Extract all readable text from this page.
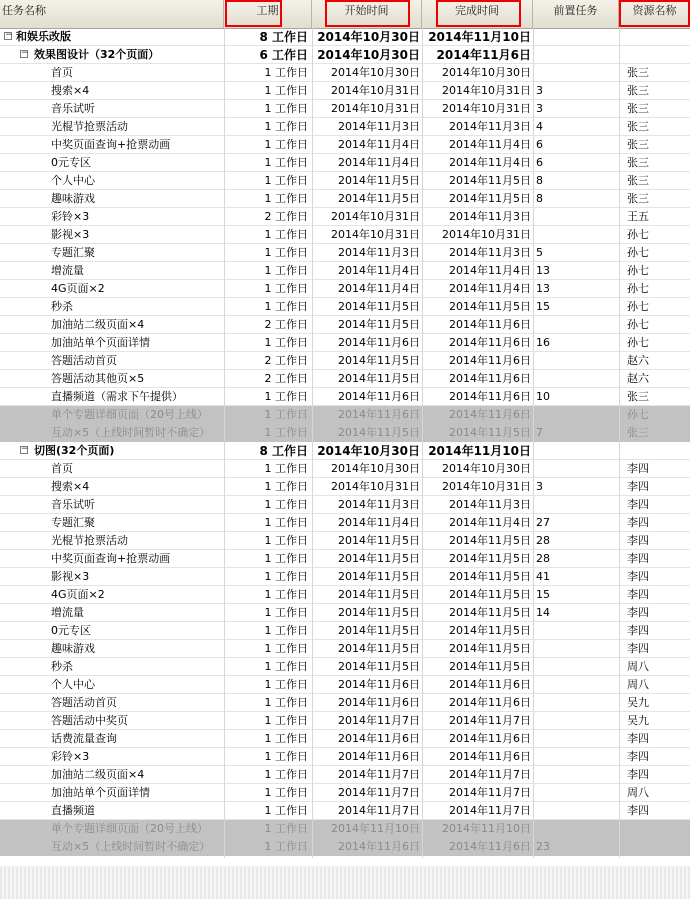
任务名称	工期	开始时间	完成时间	前置任务	资源名称
− 和娱乐改版	8 工作日 2014年10月30日 2014年11月10日
− 效果图设计（32个页面）	6 工作日 2014年10月30日	2014年11月6日
首页	1 工作日	2014年10月30日	2014年10月30日	张三
搜索×4	1 工作日	2014年10月31日	2014年10月31日 3	张三
音乐试听	1 工作日	2014年10月31日	2014年10月31日 3	张三
光棍节抢票活动	1 工作日	2014年11月3日	2014年11月3日 4	张三
中奖页面查询+抢票动画	1 工作日	2014年11月4日	2014年11月4日 6	张三
0元专区	1 工作日	2014年11月4日	2014年11月4日 6	张三
个人中心	1 工作日	2014年11月5日	2014年11月5日 8	张三
趣味游戏	1 工作日	2014年11月5日	2014年11月5日 8	张三
彩铃×3	2 工作日	2014年10月31日	2014年11月3日	王五
影视×3	1 工作日	2014年10月31日	2014年10月31日	孙七
专题汇聚	1 工作日	2014年11月3日	2014年11月3日 5	孙七
增流量	1 工作日	2014年11月4日	2014年11月4日 13	孙七
4G页面×2	1 工作日	2014年11月4日	2014年11月4日 13	孙七
秒杀	1 工作日	2014年11月5日	2014年11月5日 15	孙七
加油站二级页面×4	2 工作日	2014年11月5日	2014年11月6日	孙七
加油站单个页面详情	1 工作日	2014年11月6日	2014年11月6日 16	孙七
答题活动首页	2 工作日	2014年11月5日	2014年11月6日	赵六
答题活动其他页×5	2 工作日	2014年11月5日	2014年11月6日	赵六
直播频道（需求下午提供）	1 工作日	2014年11月6日	2014年11月6日 10	张三
单个专题详细页面（20号上线）	1 工作日	2014年11月6日	2014年11月6日	孙七
互动×5（上线时间暂时不确定）	1 工作日	2014年11月5日	2014年11月5日 7	张三
− 切图(32个页面)	8 工作日 2014年10月30日 2014年11月10日
首页	1 工作日	2014年10月30日	2014年10月30日	李四
搜索×4	1 工作日	2014年10月31日	2014年10月31日 3	李四
音乐试听	1 工作日	2014年11月3日	2014年11月3日	李四
专题汇聚	1 工作日	2014年11月4日	2014年11月4日 27	李四
光棍节抢票活动	1 工作日	2014年11月5日	2014年11月5日 28	李四
中奖页面查询+抢票动画	1 工作日	2014年11月5日	2014年11月5日 28	李四
影视×3	1 工作日	2014年11月5日	2014年11月5日 41	李四
4G页面×2	1 工作日	2014年11月5日	2014年11月5日 15	李四
增流量	1 工作日	2014年11月5日	2014年11月5日 14	李四
0元专区	1 工作日	2014年11月5日	2014年11月5日	李四
趣味游戏	1 工作日	2014年11月5日	2014年11月5日	李四
秒杀	1 工作日	2014年11月5日	2014年11月5日	周八
个人中心	1 工作日	2014年11月6日	2014年11月6日	周八
答题活动首页	1 工作日	2014年11月6日	2014年11月6日	吴九
答题活动中奖页	1 工作日	2014年11月7日	2014年11月7日	吴九
话费流量查询	1 工作日	2014年11月6日	2014年11月6日	李四
彩铃×3	1 工作日	2014年11月6日	2014年11月6日	李四
加油站二级页面×4	1 工作日	2014年11月7日	2014年11月7日	李四
加油站单个页面详情	1 工作日	2014年11月7日	2014年11月7日	周八
直播频道	1 工作日	2014年11月7日	2014年11月7日	李四
单个专题详细页面（20号上线）	1 工作日	2014年11月10日	2014年11月10日
互动×5（上线时间暂时不确定）	1 工作日	2014年11月6日	2014年11月6日 23
